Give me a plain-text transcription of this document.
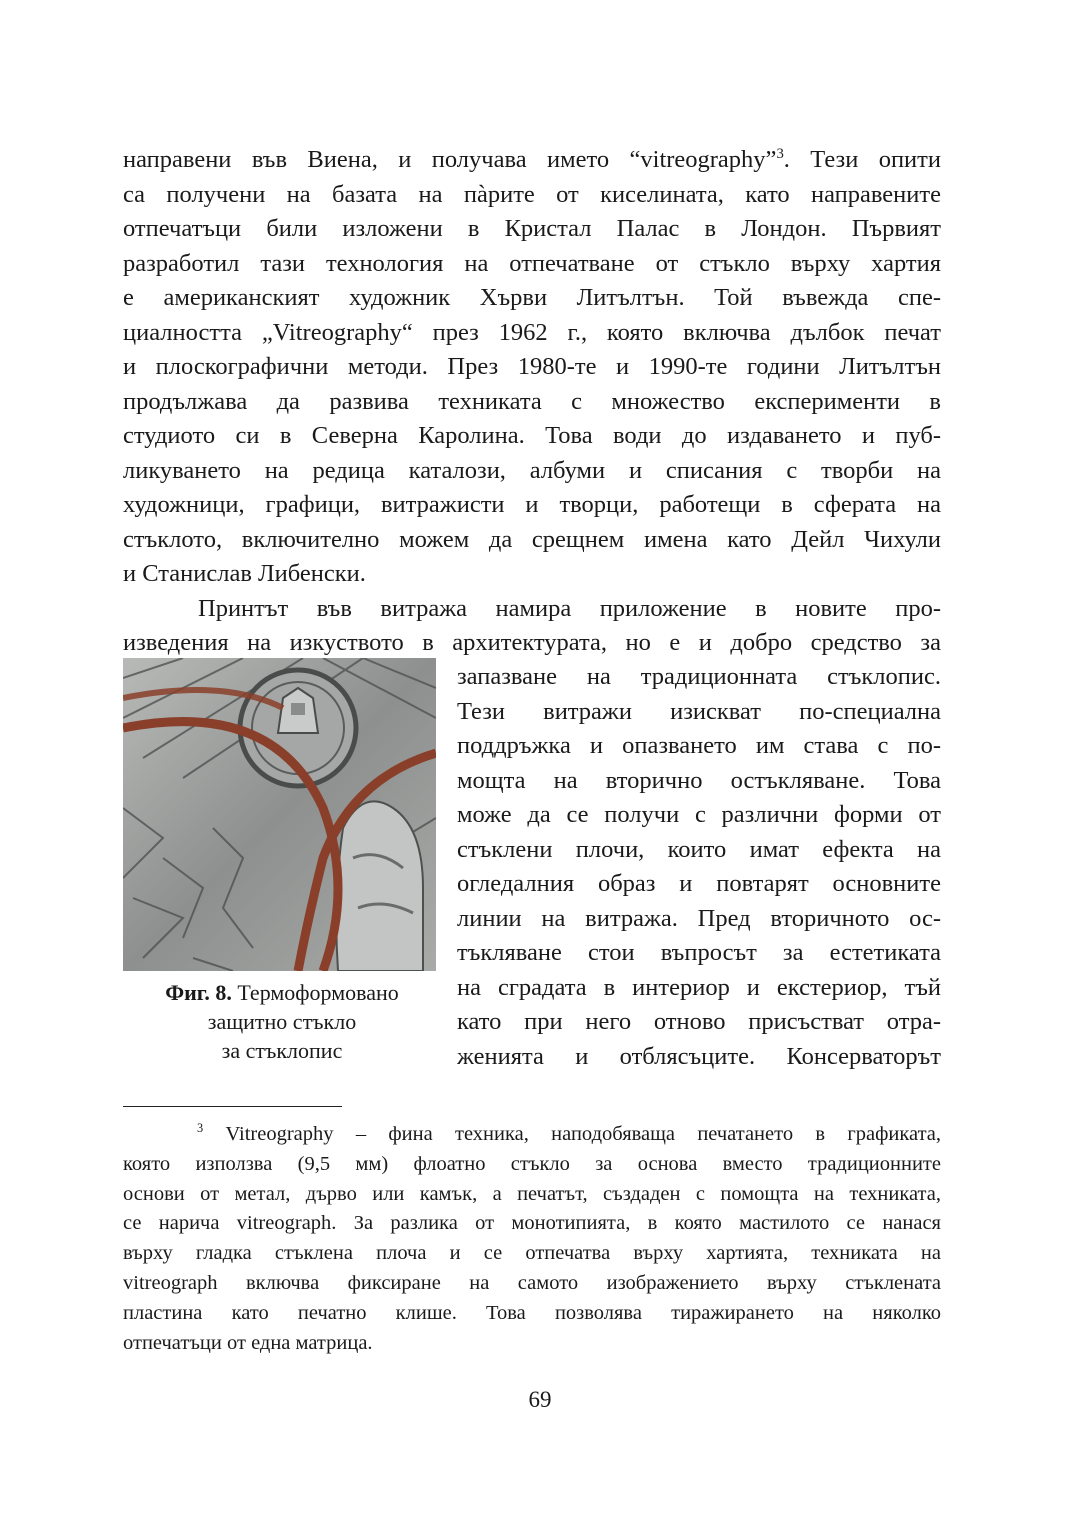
направени във Виена, и получава името “vitreography”$^3$. Тези опити
са получени на базата на пàрите от киселината, като направените
отпечатъци били изложени в Кристал Палас в Лондон. Първият
разработил тази технология на отпечатване от стъкло върху хартия
е американският художник Хърви Литълтън. Той въвежда спе-
циалността „Vitreography“ през 1962 г., която включва дълбок печат
и плоскографични методи. През 1980-те и 1990-те години Литълтън
продължава да развива техниката с множество експерименти в
студиото си в Северна Каролина. Това води до издаването и пуб-
ликуването на редица каталози, албуми и списания с творби на
художници, графици, витражисти и творци, работещи в сферата на
стъклото, включително можем да срещнем имена като Дейл Чихули
и Станислав Либенски.
Принтът във витража намира приложение в новите про-
изведения на изкуството в архитектурата, но е и добро средство за
Фиг. 8. Термоформовано
защитно стъкло
за стъклопис
запазване на традиционната стъклопис.
Тези витражи изискват по-специална
поддръжка и опазването им става с по-
мощта на вторично остъкляване. Това
може да се получи с различни форми от
стъклени плочи, които имат ефекта на
огледалния образ и повтарят основните
линии на витража. Пред вторичното ос-
тъкляване стои въпросът за естетиката
на сградата в интериор и екстериор, тъй
като при него отново присъстват отра-
женията и отблясъците. Консерваторът
$^3$ Vitreography – фина техника, наподобяваща печатането в графиката,
която използва (9,5 мм) флоатно стъкло за основа вместо традиционните
основи от метал, дърво или камък, а печатът, създаден с помощта на техниката,
се нарича vitreograph. За разлика от монотипията, в която мастилото се нанася
върху гладка стъклена плоча и се отпечатва върху хартията, техниката на
vitreograph включва фиксиране на самото изображението върху стъклената
пластина като печатно клише. Това позволява тиражирането на няколко
отпечатъци от една матрица.
69
